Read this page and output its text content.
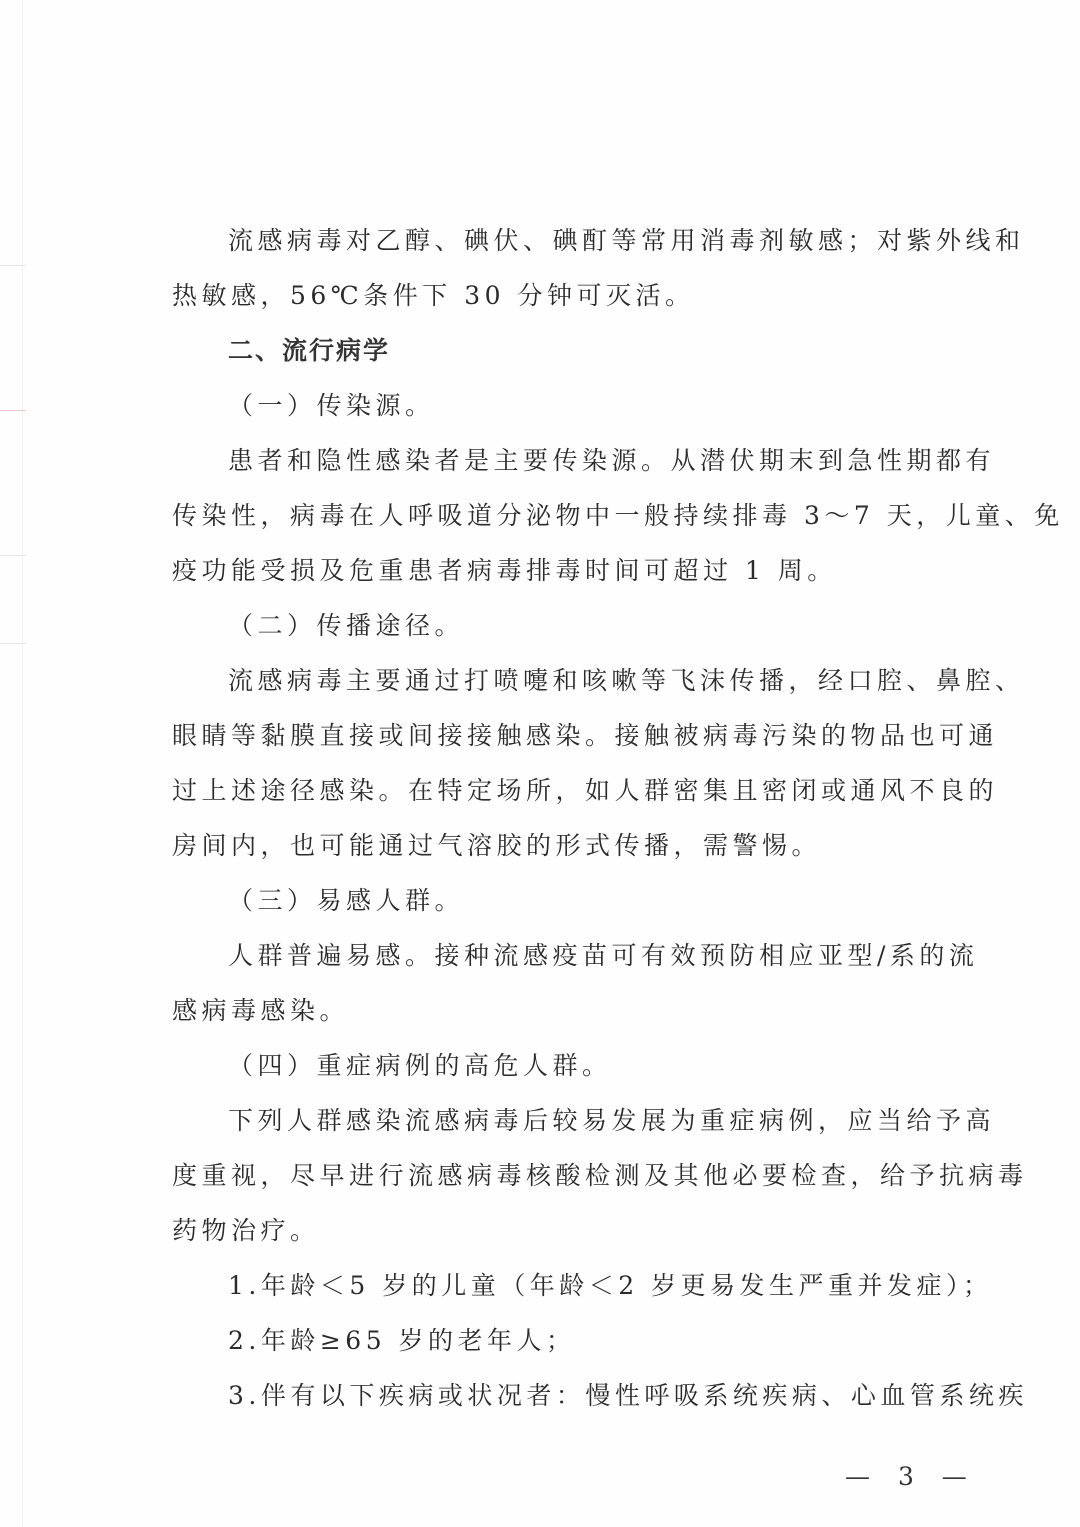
流感病毒对乙醇、碘伏、碘酊等常用消毒剂敏感；对紫外线和
热敏感，56℃条件下 30 分钟可灭活。
二、流行病学
（一）传染源。
患者和隐性感染者是主要传染源。从潜伏期末到急性期都有
传染性，病毒在人呼吸道分泌物中一般持续排毒 3～7 天，儿童、免
疫功能受损及危重患者病毒排毒时间可超过 1 周。
（二）传播途径。
流感病毒主要通过打喷嚏和咳嗽等飞沫传播，经口腔、鼻腔、
眼睛等黏膜直接或间接接触感染。接触被病毒污染的物品也可通
过上述途径感染。在特定场所，如人群密集且密闭或通风不良的
房间内，也可能通过气溶胶的形式传播，需警惕。
（三）易感人群。
人群普遍易感。接种流感疫苗可有效预防相应亚型/系的流
感病毒感染。
（四）重症病例的高危人群。
下列人群感染流感病毒后较易发展为重症病例，应当给予高
度重视，尽早进行流感病毒核酸检测及其他必要检查，给予抗病毒
药物治疗。
1.年龄＜5 岁的儿童（年龄＜2 岁更易发生严重并发症）；
2.年龄≥65 岁的老年人；
3.伴有以下疾病或状况者：慢性呼吸系统疾病、心血管系统疾
— 3 —
